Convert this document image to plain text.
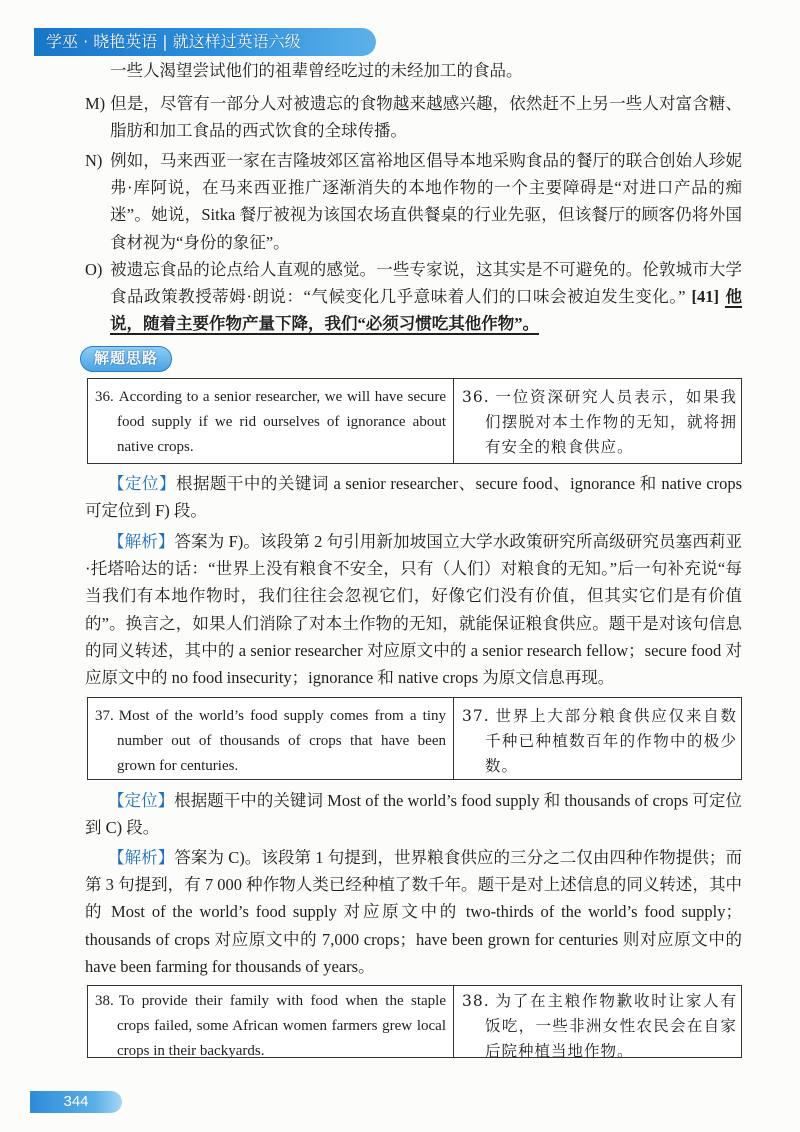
学巫 · 晓艳英语 | 就这样过英语六级

一些人渴望尝试他们的祖辈曾经吃过的未经加工的食品。

M) 但是，尽管有一部分人对被遗忘的食物越来越感兴趣，依然赶不上另一些人对富含糖、脂肪和加工食品的西式饮食的全球传播。

N) 例如，马来西亚一家在吉隆坡郊区富裕地区倡导本地采购食品的餐厅的联合创始人珍妮弗·库阿说，在马来西亚推广逐渐消失的本地作物的一个主要障碍是“对进口产品的痴迷”。她说，Sitka 餐厅被视为该国农场直供餐桌的行业先驱，但该餐厅的顾客仍将外国食材视为“身份的象征”。

O) 被遗忘食品的论点给人直观的感觉。一些专家说，这其实是不可避免的。伦敦城市大学食品政策教授蒂姆·朗说：“气候变化几乎意味着人们的口味会被迫发生变化。” [41] 他说，随着主要作物产量下降，我们“必须习惯吃其他作物”。

解题思路
36. According to a senior researcher, we will have secure food supply if we rid ourselves of ignorance about native crops.
36. 一位资深研究人员表示，如果我们摆脱对本土作物的无知，就将拥有安全的粮食供应。

【定位】根据题干中的关键词 a senior researcher、secure food、ignorance 和 native crops 可定位到 F) 段。

【解析】答案为 F)。该段第 2 句引用新加坡国立大学水政策研究所高级研究员塞西莉亚·托塔哈达的话：“世界上没有粮食不安全，只有（人们）对粮食的无知。”后一句补充说“每当我们有本地作物时，我们往往会忽视它们，好像它们没有价值，但其实它们是有价值的”。换言之，如果人们消除了对本土作物的无知，就能保证粮食供应。题干是对该句信息的同义转述，其中的 a senior researcher 对应原文中的 a senior research fellow；secure food 对应原文中的 no food insecurity；ignorance 和 native crops 为原文信息再现。

37. Most of the world’s food supply comes from a tiny number out of thousands of crops that have been grown for centuries.
37. 世界上大部分粮食供应仅来自数千种已种植数百年的作物中的极少数。

【定位】根据题干中的关键词 Most of the world’s food supply 和 thousands of crops 可定位到 C) 段。

【解析】答案为 C)。该段第 1 句提到，世界粮食供应的三分之二仅由四种作物提供；而第 3 句提到，有 7 000 种作物人类已经种植了数千年。题干是对上述信息的同义转述，其中的 Most of the world’s food supply 对应原文中的 two-thirds of the world’s food supply；thousands of crops 对应原文中的 7,000 crops；have been grown for centuries 则对应原文中的 have been farming for thousands of years。

38. To provide their family with food when the staple crops failed, some African women farmers grew local crops in their backyards.
38. 为了在主粮作物歉收时让家人有饭吃，一些非洲女性农民会在自家后院种植当地作物。
344
